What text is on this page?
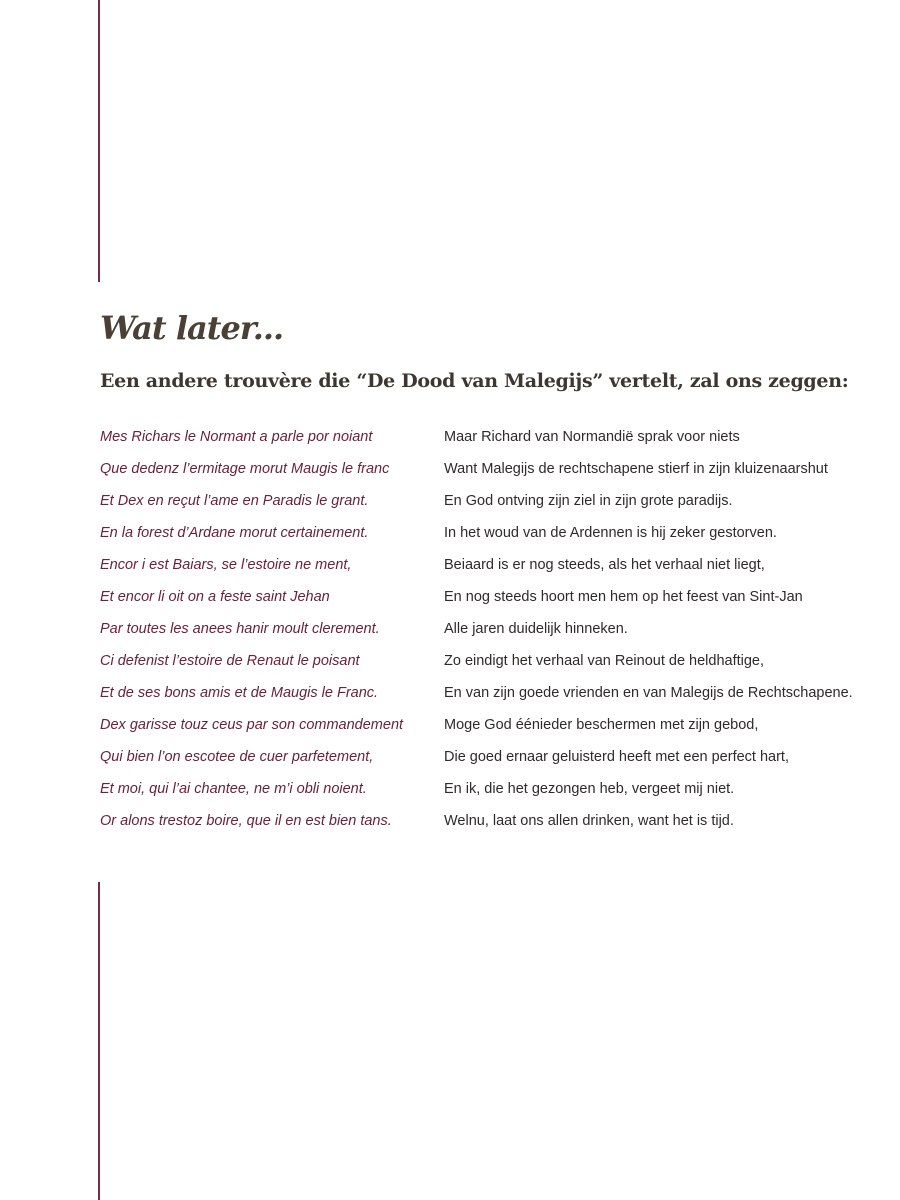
Wat later...
Een andere trouvère die “De Dood van Malegijs” vertelt, zal ons zeggen:
Mes Richars le Normant a parle por noiant	Maar Richard van Normandië sprak voor niets
Que dedenz l’ermitage morut Maugis le franc	Want Malegijs de rechtschapene stierf in zijn kluizenaarshut
Et Dex en reçut l’ame en Paradis le grant.	En God ontving zijn ziel in zijn grote paradijs.
En la forest d’Ardane morut certainement.	In het woud van de Ardennen is hij zeker gestorven.
Encor i est Baiars, se l’estoire ne ment,	Beiaard is er nog steeds, als het verhaal niet liegt,
Et encor li oit on a feste saint Jehan	En nog steeds hoort men hem op het feest van Sint-Jan
Par toutes les anees hanir moult clerement.	Alle jaren duidelijk hinneken.
Ci defenist l’estoire de Renaut le poisant	Zo eindigt het verhaal van Reinout de heldhaftige,
Et de ses bons amis et de Maugis le Franc.	En van zijn goede vrienden en van Malegijs de Rechtschapene.
Dex garisse touz ceus par son commandement	Moge God éénieder beschermen met zijn gebod,
Qui bien l’on escotee de cuer parfetement,	Die goed ernaar geluisterd heeft met een perfect hart,
Et moi, qui l’ai chantee, ne m’i obli noient.	En ik, die het gezongen heb, vergeet mij niet.
Or alons trestoz boire, que il en est bien tans.	Welnu, laat ons allen drinken, want het is tijd.
